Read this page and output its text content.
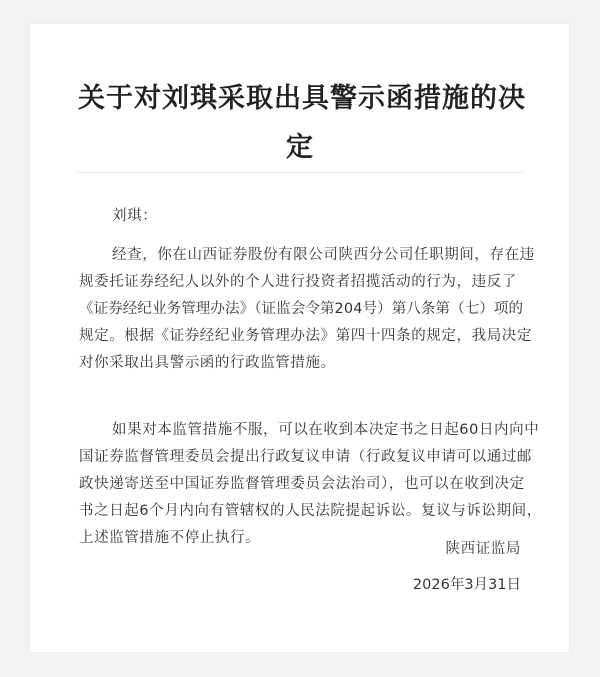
关于对刘琪采取出具警示函措施的决
定
刘琪：
经查，你在山西证券股份有限公司陕西分公司任职期间，存在违
规委托证券经纪人以外的个人进行投资者招揽活动的行为，违反了
《证券经纪业务管理办法》（证监会令第204号）第八条第（七）项的
规定。根据《证券经纪业务管理办法》第四十四条的规定，我局决定
对你采取出具警示函的行政监管措施。
如果对本监管措施不服，可以在收到本决定书之日起60日内向中
国证券监督管理委员会提出行政复议申请（行政复议申请可以通过邮
政快递寄送至中国证券监督管理委员会法治司），也可以在收到决定
书之日起6个月内向有管辖权的人民法院提起诉讼。复议与诉讼期间，
上述监管措施不停止执行。
陕西证监局
2026年3月31日
